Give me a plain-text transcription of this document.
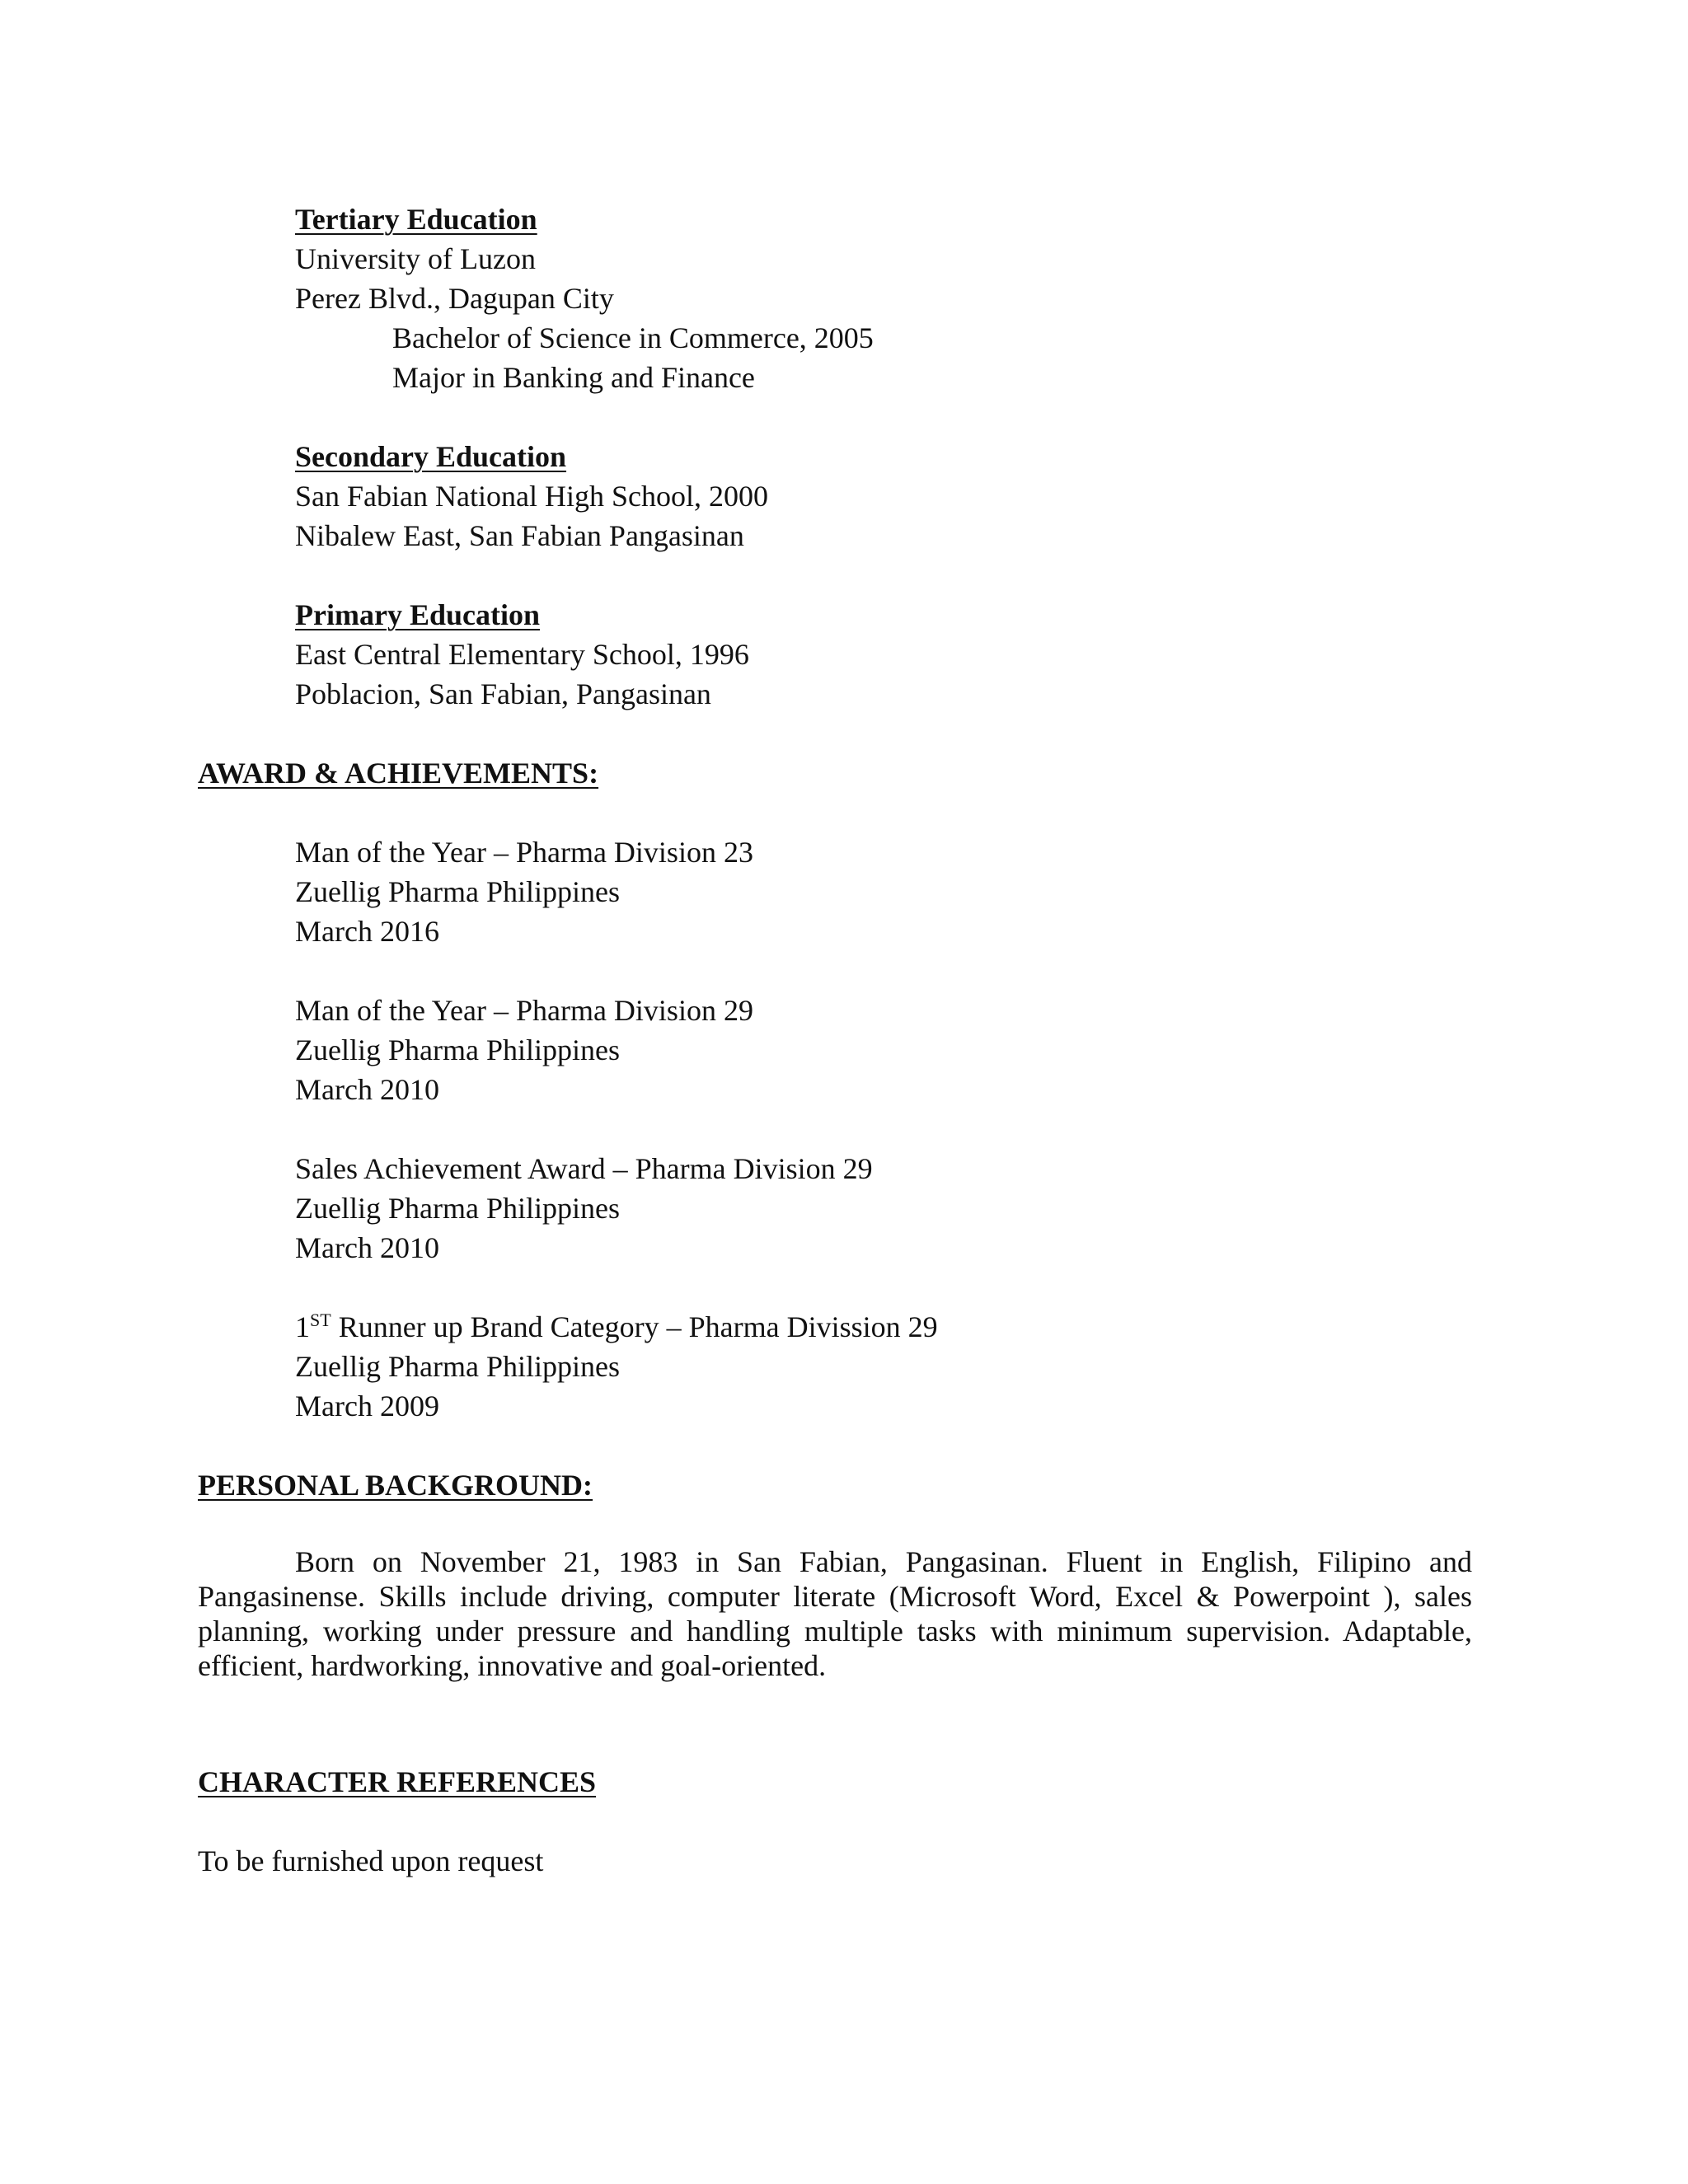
Tertiary Education
University of Luzon
Perez Blvd., Dagupan City
Bachelor of Science in Commerce, 2005
Major in Banking and Finance
Secondary Education
San Fabian National High School, 2000
Nibalew East, San Fabian Pangasinan
Primary Education
East Central Elementary School, 1996
Poblacion, San Fabian, Pangasinan
AWARD & ACHIEVEMENTS:
Man of the Year – Pharma Division 23
Zuellig Pharma Philippines
March 2016
Man of the Year – Pharma Division 29
Zuellig Pharma Philippines
March 2010
Sales Achievement Award – Pharma Division 29
Zuellig Pharma Philippines
March 2010
1ST Runner up Brand Category – Pharma Divission 29
Zuellig Pharma Philippines
March 2009
PERSONAL BACKGROUND:

Born on November 21, 1983 in San Fabian, Pangasinan. Fluent in English, Filipino and Pangasinense. Skills include driving, computer literate (Microsoft Word, Excel & Powerpoint ), sales planning, working under pressure and handling multiple tasks with minimum supervision. Adaptable, efficient, hardworking, innovative and goal-oriented.

CHARACTER REFERENCES
To be furnished upon request
